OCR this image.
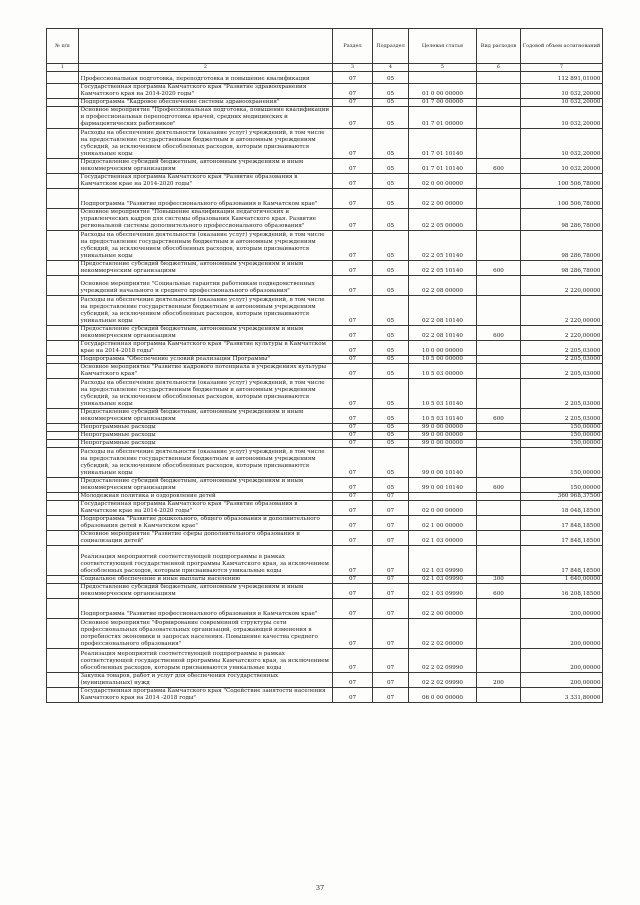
№ п/п		Раздел	Подраздел	Целевая статья	Вид расходов	Годовой объем ассигнований
1	2	3	4	5	6	7
	Профессиональная подготовка, переподготовка и повышение квалификации	07	05			112 891,01000
	Государственная программа Камчатского края "Развитие здравоохранения Камчатского края на 2014-2020 годы"	07	05	01 0 00 00000		10 032,20000
	Подпрограмма "Кадровое обеспечение системы здравоохранения"	07	05	01 7 00 00000		10 032,20000
	Основное мероприятие "Профессиональная подготовка, повышение квалификации и профессиональная переподготовка врачей, средних медицинских и фармацевтических работников"	07	05	01 7 01 00000		10 032,20000
	Расходы на обеспечение деятельности (оказание услуг) учреждений, в том числе на предоставление государственным бюджетным и автономным учреждениям субсидий, за исключением обособленных расходов, которым присваиваются уникальные коды	07	05	01 7 01 10140		10 032,20000
	Предоставление субсидий бюджетным, автономным учреждениям и иным некоммерческим организациям	07	05	01 7 01 10140	600	10 032,20000
	Государственная программа Камчатского края "Развитие образования в Камчатском крае на 2014-2020 годы"	07	05	02 0 00 00000		100 506,78000
	Подпрограмма "Развитие профессионального образования в Камчатском крае"	07	05	02 2 00 00000		100 506,78000
	Основное мероприятие "Повышение квалификации педагогических и управленческих кадров для системы образования Камчатского края. Развитие региональной системы дополнительного профессионального образования"	07	05	02 2 05 00000		98 286,78000
	Расходы на обеспечение деятельности (оказание услуг) учреждений, в том числе на предоставление государственным бюджетным и автономным учреждениям субсидий, за исключением обособленных расходов, которым присваиваются уникальные коды	07	05	02 2 05 10140		98 286,78000
	Предоставление субсидий бюджетным, автономным учреждениям и иным некоммерческим организациям	07	05	02 2 05 10140	600	98 286,78000
	Основное мероприятие "Социальные гарантии работникам подведомственных учреждений начального и среднего профессионального образования"	07	05	02 2 08 00000		2 220,00000
	Расходы на обеспечение деятельности (оказание услуг) учреждений, в том числе на предоставление государственным бюджетным и автономным учреждениям субсидий, за исключением обособленных расходов, которым присваиваются уникальные коды	07	05	02 2 08 10140		2 220,00000
	Предоставление субсидий бюджетным, автономным учреждениям и иным некоммерческим организациям	07	05	02 2 08 10140	600	2 220,00000
	Государственная программа Камчатского края "Развитие культуры в Камчатском крае на 2014-2018 годы"	07	05	10 0 00 00000		2 205,03000
	Подпрограмма "Обеспечение условий реализации Программы"	07	05	10 5 00 00000		2 205,03000
	Основное мероприятие "Развитие кадрового потенциала в учреждениях культуры Камчатского края"	07	05	10 5 03 00000		2 205,03000
	Расходы на обеспечение деятельности (оказание услуг) учреждений, в том числе на предоставление государственным бюджетным и автономным учреждениям субсидий, за исключением обособленных расходов, которым присваиваются уникальные коды	07	05	10 5 03 10140		2 205,03000
	Предоставление субсидий бюджетным, автономным учреждениям и иным некоммерческим организациям	07	05	10 5 03 10140	600	2 205,03000
	Непрограммные расходы	07	05	99 0 00 00000		150,00000
	Непрограммные расходы	07	05	99 0 00 00000		150,00000
	Непрограммные расходы	07	05	99 0 00 00000		150,00000
	Расходы на обеспечение деятельности (оказание услуг) учреждений, в том числе на предоставление государственным бюджетным и автономным учреждениям субсидий, за исключением обособленных расходов, которым присваиваются уникальные коды	07	05	99 0 00 10140		150,00000
	Предоставление субсидий бюджетным, автономным учреждениям и иным некоммерческим организациям	07	05	99 0 00 10140	600	150,00000
	Молодежная политика и оздоровление детей	07	07			360 968,37500
	Государственная программа Камчатского края "Развитие образования в Камчатском крае на 2014-2020 годы"	07	07	02 0 00 00000		18 048,18500
	Подпрограмма "Развитие дошкольного, общего образования и дополнительного образования детей в Камчатском крае"	07	07	02 1 00 00000		17 848,18500
	Основное мероприятие "Развитие сферы дополнительного образования и социализации детей"	07	07	02 1 03 00000		17 848,18500
	Реализация мероприятий соответствующей подпрограммы в рамках соответствующей государственной программы Камчатского края, за исключением обособленных расходов, которым присваиваются уникальные коды	07	07	02 1 03 09990		17 848,18500
	Социальное обеспечение и иные выплаты населению	07	07	02 1 03 09990	300	1 640,00000
	Предоставление субсидий бюджетным, автономным учреждениям и иным некоммерческим организациям	07	07	02 1 03 09990	600	16 208,18500
	Подпрограмма "Развитие профессионального образования в Камчатском крае"	07	07	02 2 00 00000		200,00000
	Основное мероприятие "Формирование современной структуры сети профессиональных образовательных организаций, отражающей изменения в потребностях экономики и запросах населения. Повышение качества среднего профессионального образования"	07	07	02 2 02 00000		200,00000
	Реализация мероприятий соответствующей подпрограммы в рамках соответствующей государственной программы Камчатского края, за исключением обособленных расходов, которым присваиваются уникальные коды	07	07	02 2 02 09990		200,00000
	Закупка товаров, работ и услуг для обеспечения государственных (муниципальных) нужд	07	07	02 2 02 09990	200	200,00000
	Государственная программа Камчатского края "Содействие занятости населения Камчатского края на 2014 -2018 годы"	07	07	06 0 00 00000		3 331,80000
37
